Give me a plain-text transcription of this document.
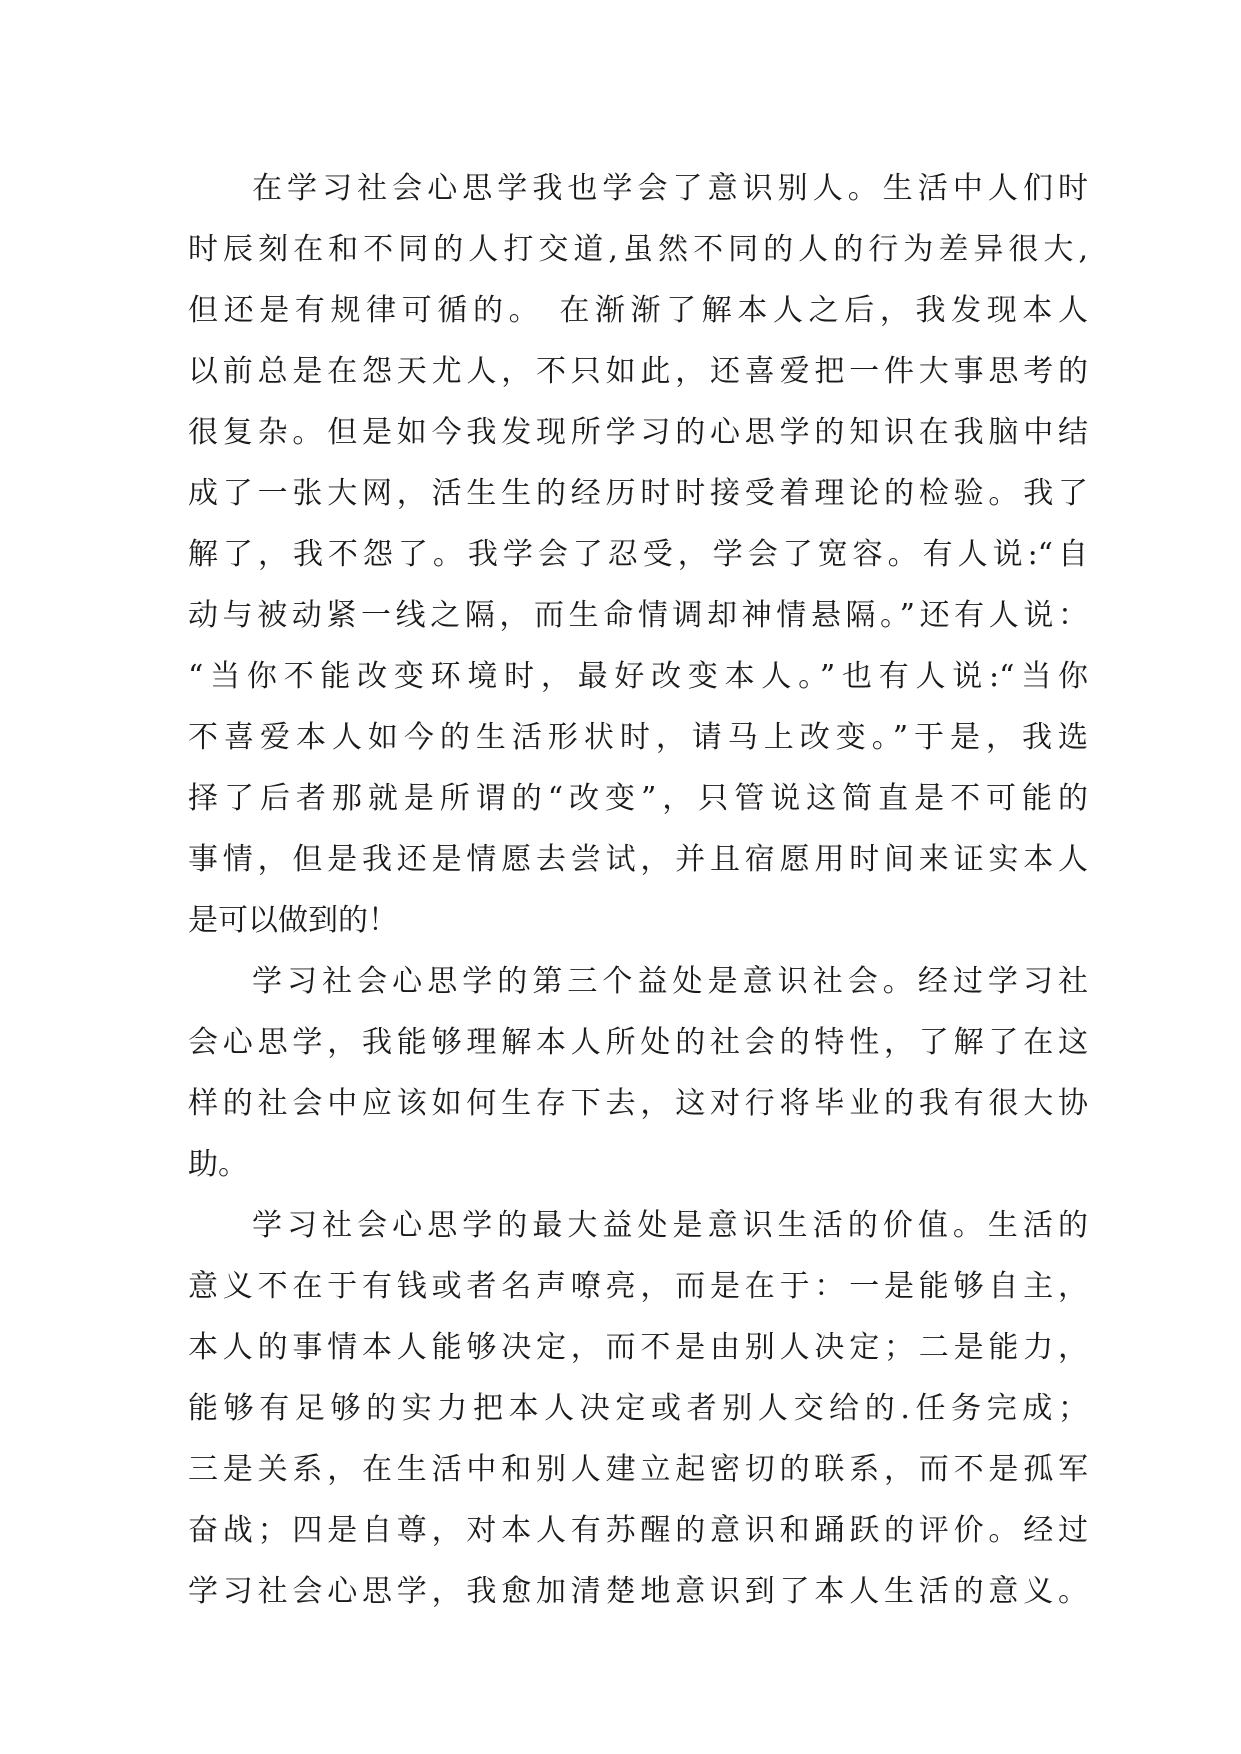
在学习社会心思学我也学会了意识别人。生活中人们时
时辰刻在和不同的人打交道,虽然不同的人的行为差异很大,
但还是有规律可循的。 在渐渐了解本人之后，我发现本人
以前总是在怨天尤人，不只如此，还喜爱把一件大事思考的
很复杂。但是如今我发现所学习的心思学的知识在我脑中结
成了一张大网，活生生的经历时时接受着理论的检验。我了
解了，我不怨了。我学会了忍受，学会了宽容。有人说:“自
动与被动紧一线之隔，而生命情调却神情悬隔。”还有人说：
“当你不能改变环境时，最好改变本人。”也有人说:“当你
不喜爱本人如今的生活形状时，请马上改变。”于是，我选
择了后者那就是所谓的“改变”，只管说这简直是不可能的
事情，但是我还是情愿去尝试，并且宿愿用时间来证实本人
是可以做到的！
学习社会心思学的第三个益处是意识社会。经过学习社
会心思学，我能够理解本人所处的社会的特性，了解了在这
样的社会中应该如何生存下去，这对行将毕业的我有很大协
助。
学习社会心思学的最大益处是意识生活的价值。生活的
意义不在于有钱或者名声嘹亮，而是在于：一是能够自主，
本人的事情本人能够决定，而不是由别人决定；二是能力，
能够有足够的实力把本人决定或者别人交给的.任务完成；
三是关系，在生活中和别人建立起密切的联系，而不是孤军
奋战；四是自尊，对本人有苏醒的意识和踊跃的评价。经过
学习社会心思学，我愈加清楚地意识到了本人生活的意义。
